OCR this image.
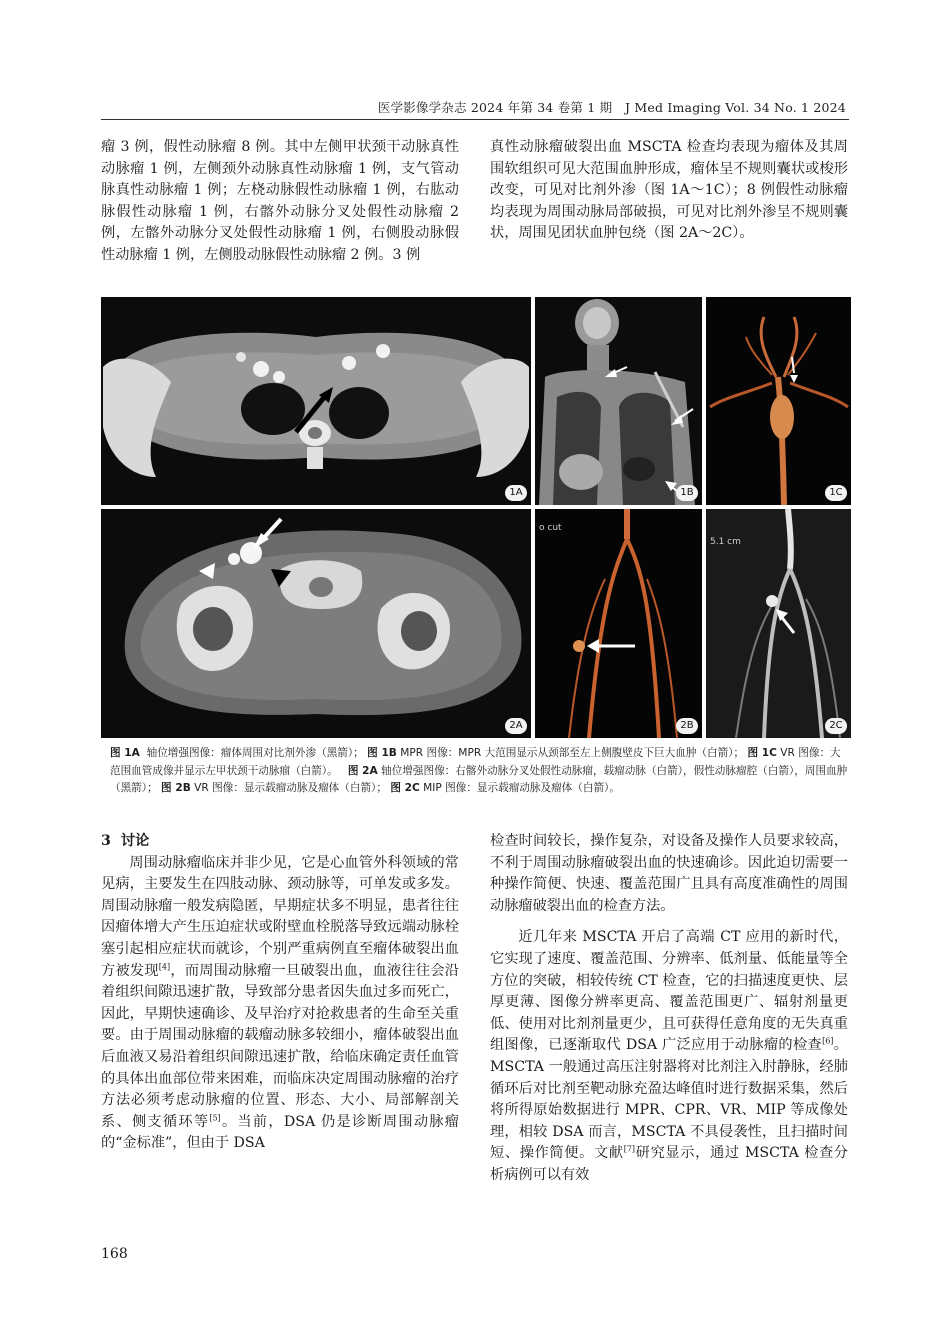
医学影像学杂志 2024 年第 34 卷第 1 期　J Med Imaging Vol. 34 No. 1 2024

瘤 3 例，假性动脉瘤 8 例。其中左侧甲状颈干动脉真性动脉瘤 1 例，左侧颈外动脉真性动脉瘤 1 例，支气管动脉真性动脉瘤 1 例；左桡动脉假性动脉瘤 1 例，右肱动脉假性动脉瘤 1 例，右髂外动脉分叉处假性动脉瘤 2 例，左髂外动脉分叉处假性动脉瘤 1 例，右侧股动脉假性动脉瘤 1 例，左侧股动脉假性动脉瘤 2 例。3 例

真性动脉瘤破裂出血 MSCTA 检查均表现为瘤体及其周围软组织可见大范围血肿形成，瘤体呈不规则囊状或梭形改变，可见对比剂外渗（图 1A～1C）；8 例假性动脉瘤均表现为周围动脉局部破损，可见对比剂外渗呈不规则囊状，周围见团状血肿包绕（图 2A～2C）。

1A	1B	1C
2A
o cut
2B
5.1 cm
2C
图 1A 轴位增强图像：瘤体周围对比剂外渗（黑箭）； 图 1B MPR 图像：MPR 大范围显示从颈部至左上侧腹壁皮下巨大血肿（白箭）； 图 1C VR 图像：大范围血管成像并显示左甲状颈干动脉瘤（白箭）。 图 2A 轴位增强图像：右髂外动脉分叉处假性动脉瘤，载瘤动脉（白箭），假性动脉瘤腔（白箭），周围血肿（黑箭）； 图 2B VR 图像：显示载瘤动脉及瘤体（白箭）； 图 2C MIP 图像：显示载瘤动脉及瘤体（白箭）。

3 讨论

周围动脉瘤临床并非少见，它是心血管外科领域的常见病，主要发生在四肢动脉、颈动脉等，可单发或多发。周围动脉瘤一般发病隐匿，早期症状多不明显，患者往往因瘤体增大产生压迫症状或附壁血栓脱落导致远端动脉栓塞引起相应症状而就诊，个别严重病例直至瘤体破裂出血方被发现[4]，而周围动脉瘤一旦破裂出血，血液往往会沿着组织间隙迅速扩散，导致部分患者因失血过多而死亡，因此，早期快速确诊、及早治疗对抢救患者的生命至关重要。由于周围动脉瘤的载瘤动脉多较细小，瘤体破裂出血后血液又易沿着组织间隙迅速扩散，给临床确定责任血管的具体出血部位带来困难，而临床决定周围动脉瘤的治疗方法必须考虑动脉瘤的位置、形态、大小、局部解剖关系、侧支循环等[5]。当前，DSA 仍是诊断周围动脉瘤的“金标准”，但由于 DSA

检查时间较长，操作复杂，对设备及操作人员要求较高，不利于周围动脉瘤破裂出血的快速确诊。因此迫切需要一种操作简便、快速、覆盖范围广且具有高度准确性的周围动脉瘤破裂出血的检查方法。

近几年来 MSCTA 开启了高端 CT 应用的新时代，它实现了速度、覆盖范围、分辨率、低剂量、低能量等全方位的突破，相较传统 CT 检查，它的扫描速度更快、层厚更薄、图像分辨率更高、覆盖范围更广、辐射剂量更低、使用对比剂剂量更少，且可获得任意角度的无失真重组图像，已逐渐取代 DSA 广泛应用于动脉瘤的检查[6]。MSCTA 一般通过高压注射器将对比剂注入肘静脉，经肺循环后对比剂至靶动脉充盈达峰值时进行数据采集，然后将所得原始数据进行 MPR、CPR、VR、MIP 等成像处理，相较 DSA 而言，MSCTA 不具侵袭性，且扫描时间短、操作简便。文献[7]研究显示，通过 MSCTA 检查分析病例可以有效

168
